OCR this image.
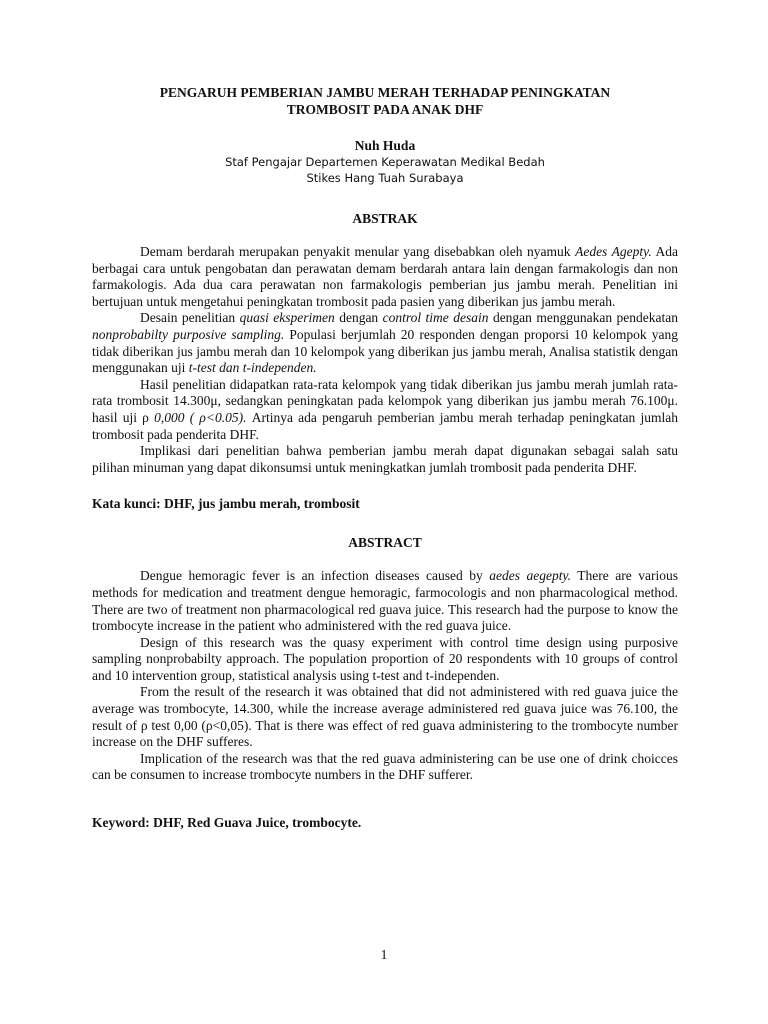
PENGARUH PEMBERIAN JAMBU MERAH TERHADAP PENINGKATAN
TROMBOSIT PADA ANAK DHF

Nuh Huda

Staf Pengajar Departemen Keperawatan Medikal Bedah

Stikes Hang Tuah Surabaya

ABSTRAK

Demam berdarah merupakan penyakit menular yang disebabkan oleh nyamuk Aedes Agepty. Ada berbagai cara untuk pengobatan dan perawatan demam berdarah antara lain dengan farmakologis dan non farmakologis. Ada dua cara perawatan non farmakologis pemberian jus jambu merah. Penelitian ini bertujuan untuk mengetahui peningkatan trombosit pada pasien yang diberikan jus jambu merah.

Desain penelitian quasi eksperimen dengan control time desain dengan menggunakan pendekatan nonprobabilty purposive sampling. Populasi berjumlah 20 responden dengan proporsi 10 kelompok yang tidak diberikan jus jambu merah dan 10 kelompok yang diberikan jus jambu merah, Analisa statistik dengan menggunakan uji t-test dan t-independen.

Hasil penelitian didapatkan rata-rata kelompok yang tidak diberikan jus jambu merah jumlah rata-rata trombosit 14.300μ, sedangkan peningkatan pada kelompok yang diberikan jus jambu merah 76.100μ. hasil uji ρ 0,000 ( ρ<0.05). Artinya ada pengaruh pemberian jambu merah terhadap peningkatan jumlah trombosit pada penderita DHF.

Implikasi dari penelitian bahwa pemberian jambu merah dapat digunakan sebagai salah satu pilihan minuman yang dapat dikonsumsi untuk meningkatkan jumlah trombosit pada penderita DHF.

Kata kunci: DHF, jus jambu merah, trombosit

ABSTRACT

Dengue hemoragic fever is an infection diseases caused by aedes aegepty. There are various methods for medication and treatment dengue hemoragic, farmocologis and non pharmacological method. There are two of treatment non pharmacological red guava juice. This research had the purpose to know the trombocyte increase in the patient who administered with the red guava juice.

Design of this research was the quasy experiment with control time design using purposive sampling nonprobabilty approach. The population proportion of 20 respondents with 10 groups of control and 10 intervention group, statistical analysis using t-test and t-independen.

From the result of the research it was obtained that did not administered with red guava juice the average was trombocyte, 14.300, while the increase average administered red guava juice was 76.100, the result of ρ test 0,00 (ρ<0,05). That is there was effect of red guava administering to the trombocyte number increase on the DHF sufferes.

Implication of the research was that the red guava administering can be use one of drink choicces can be consumen to increase trombocyte numbers in the DHF sufferer.

Keyword: DHF, Red Guava Juice, trombocyte.

1
